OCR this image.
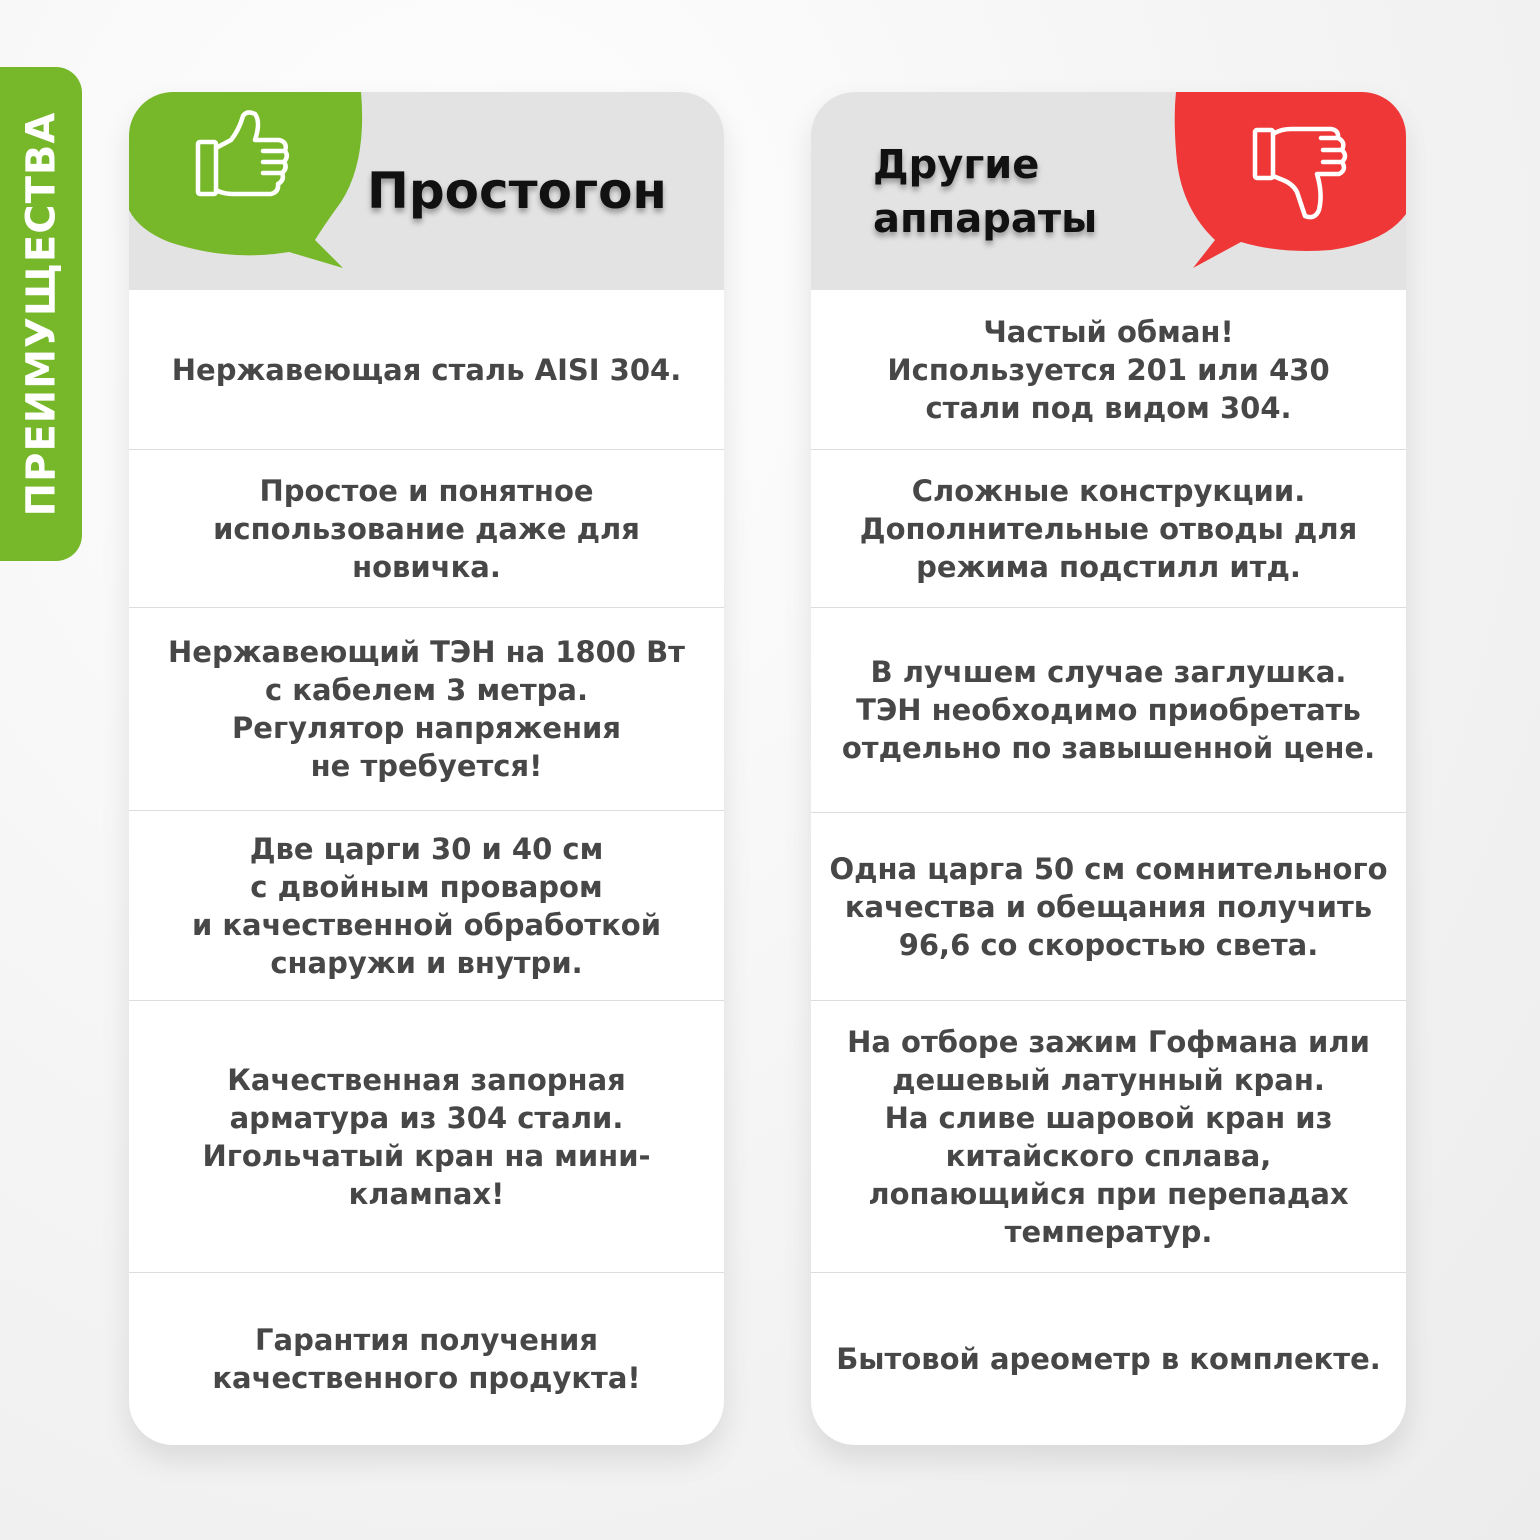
ПРЕИМУЩЕСТВА	Простогон

Нержавеющая сталь AISI 304.

Простое и понятное
использование даже для
новичка.

Нержавеющий ТЭН на 1800 Вт
с кабелем 3 метра.
Регулятор напряжения
не требуется!

Две царги 30 и 40 см
с двойным проваром
и качественной обработкой
снаружи и внутри.

Качественная запорная
арматура из 304 стали.
Игольчатый кран на мини-
клампах!

Гарантия получения
качественного продукта!

Другие
аппараты

Частый обман!
Используется 201 или 430
стали под видом 304.

Сложные конструкции.
Дополнительные отводы для
режима подстилл итд.

В лучшем случае заглушка.
ТЭН необходимо приобретать
отдельно по завышенной цене.

Одна царга 50 см сомнительного
качества и обещания получить
96,6 со скоростью света.

На отборе зажим Гофмана или
дешевый латунный кран.
На сливе шаровой кран из
китайского сплава,
лопающийся при перепадах
температур.

Бытовой ареометр в комплекте.
